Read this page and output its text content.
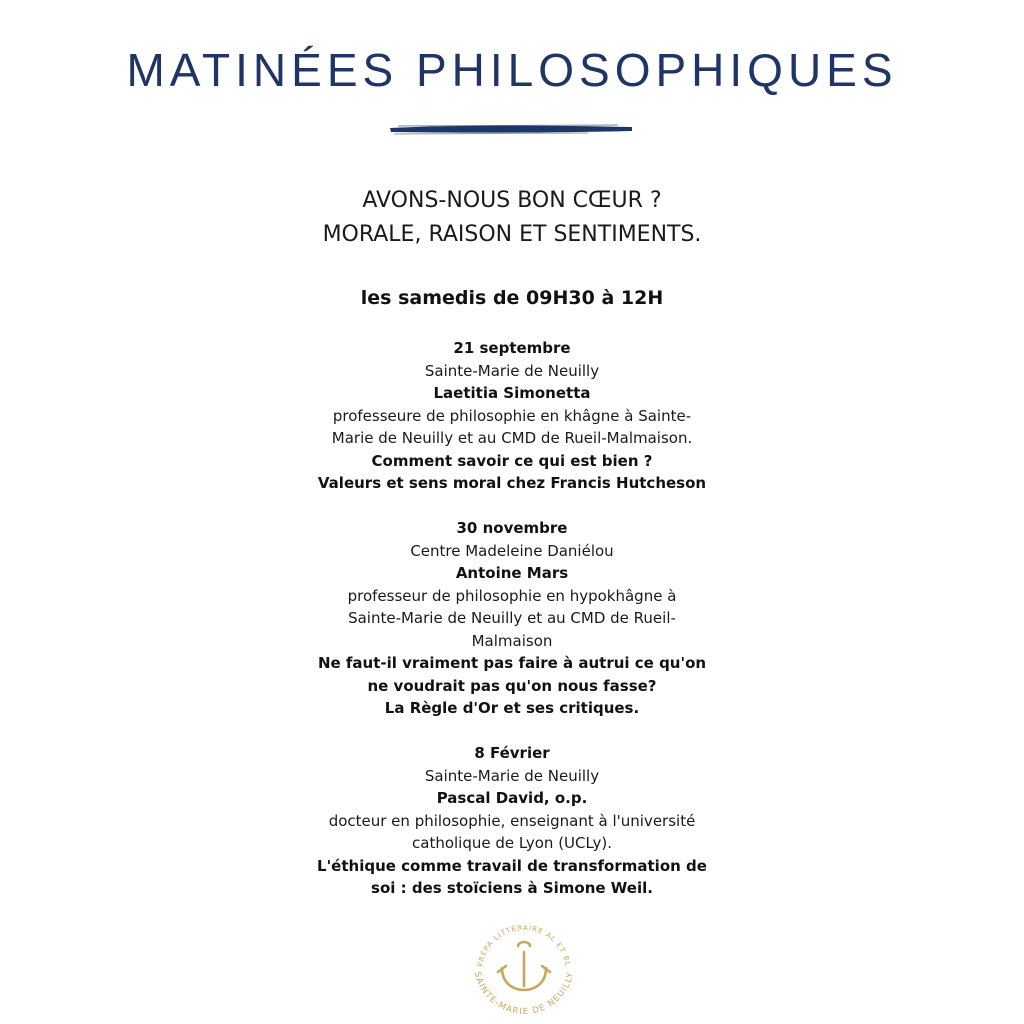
MATINÉES PHILOSOPHIQUES
AVONS-NOUS BON CŒUR ?
MORALE, RAISON ET SENTIMENTS.
les samedis de 09H30 à 12H
21 septembre
Sainte-Marie de Neuilly
Laetitia Simonetta
professeure de philosophie en khâgne à Sainte-
Marie de Neuilly et au CMD de Rueil-Malmaison.
Comment savoir ce qui est bien ?
Valeurs et sens moral chez Francis Hutcheson
30 novembre
Centre Madeleine Daniélou
Antoine Mars
professeur de philosophie en hypokhâgne à
Sainte-Marie de Neuilly et au CMD de Rueil-
Malmaison
Ne faut-il vraiment pas faire à autrui ce qu'on
ne voudrait pas qu'on nous fasse?
La Règle d'Or et ses critiques.
8 Février
Sainte-Marie de Neuilly
Pascal David, o.p.
docteur en philosophie, enseignant à l'université
catholique de Lyon (UCLy).
L'éthique comme travail de transformation de
soi : des stoïciens à Simone Weil.
PRÉPA LITTÉRAIRE AL ET BL
SAINTE-MARIE DE NEUILLY
